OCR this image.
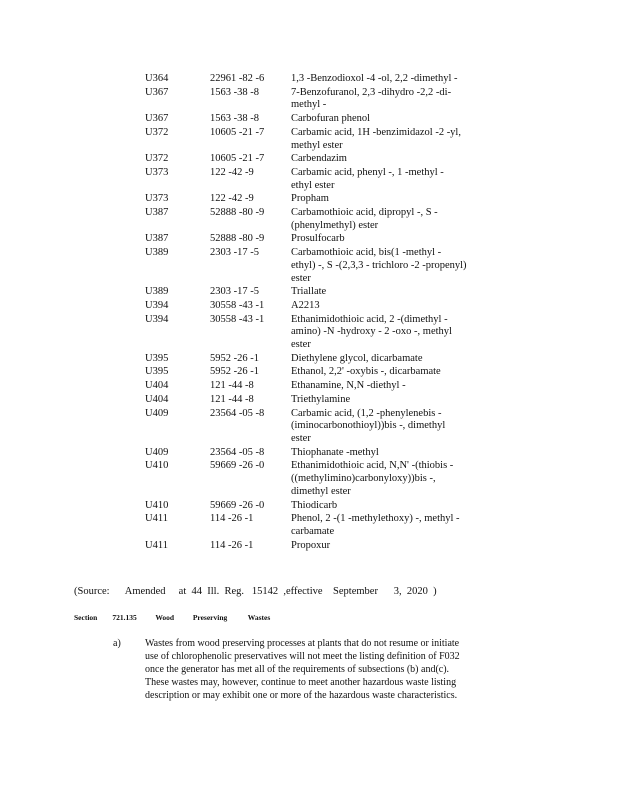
U364	22961 -82 -6	1,3 -Benzodioxol -4 -ol, 2,2 -dimethyl -
U367	1563 -38 -8	7-Benzofuranol, 2,3 -dihydro -2,2 -di-
methyl -
U367	1563 -38 -8	Carbofuran phenol
U372	10605 -21 -7	Carbamic acid, 1H -benzimidazol -2 -yl,
methyl ester
U372	10605 -21 -7	Carbendazim
U373	122 -42 -9	Carbamic acid, phenyl -, 1 -methyl -
ethyl ester
U373	122 -42 -9	Propham
U387	52888 -80 -9	Carbamothioic acid, dipropyl -, S -
(phenylmethyl) ester
U387	52888 -80 -9	Prosulfocarb
U389	2303 -17 -5	Carbamothioic acid, bis(1 -methyl -
ethyl) -, S -(2,3,3 - trichloro -2 -propenyl)
ester
U389	2303 -17 -5	Triallate
U394	30558 -43 -1	A2213
U394	30558 -43 -1	Ethanimidothioic acid, 2 -(dimethyl -
amino) -N -hydroxy - 2 -oxo -, methyl
ester
U395	5952 -26 -1	Diethylene glycol, dicarbamate
U395	5952 -26 -1	Ethanol, 2,2' -oxybis -, dicarbamate
U404	121 -44 -8	Ethanamine, N,N -diethyl -
U404	121 -44 -8	Triethylamine
U409	23564 -05 -8	Carbamic acid, (1,2 -phenylenebis -
(iminocarbonothioyl))bis -, dimethyl
ester
U409	23564 -05 -8	Thiophanate -methyl
U410	59669 -26 -0	Ethanimidothioic acid, N,N' -(thiobis -
((methylimino)carbonyloxy))bis -,
dimethyl ester
U410	59669 -26 -0	Thiodicarb
U411	114 -26 -1	Phenol, 2 -(1 -methylethoxy) -, methyl -
carbamate
U411	114 -26 -1	Propoxur
(Source:      Amended     at  44  Ill.  Reg.   15142  ,effective    September      3,  2020  )
Section        721.135          Wood          Preserving           Wastes
a) Wastes from wood preserving processes at plants that do not resume or initiate
use of chlorophenolic preservatives will not meet the listing definition of F032
once the generator has met all of the requirements of subsections (b) and(c).
These wastes may, however, continue to meet another hazardous waste listing
description or may exhibit one or more of the hazardous waste characteristics.
